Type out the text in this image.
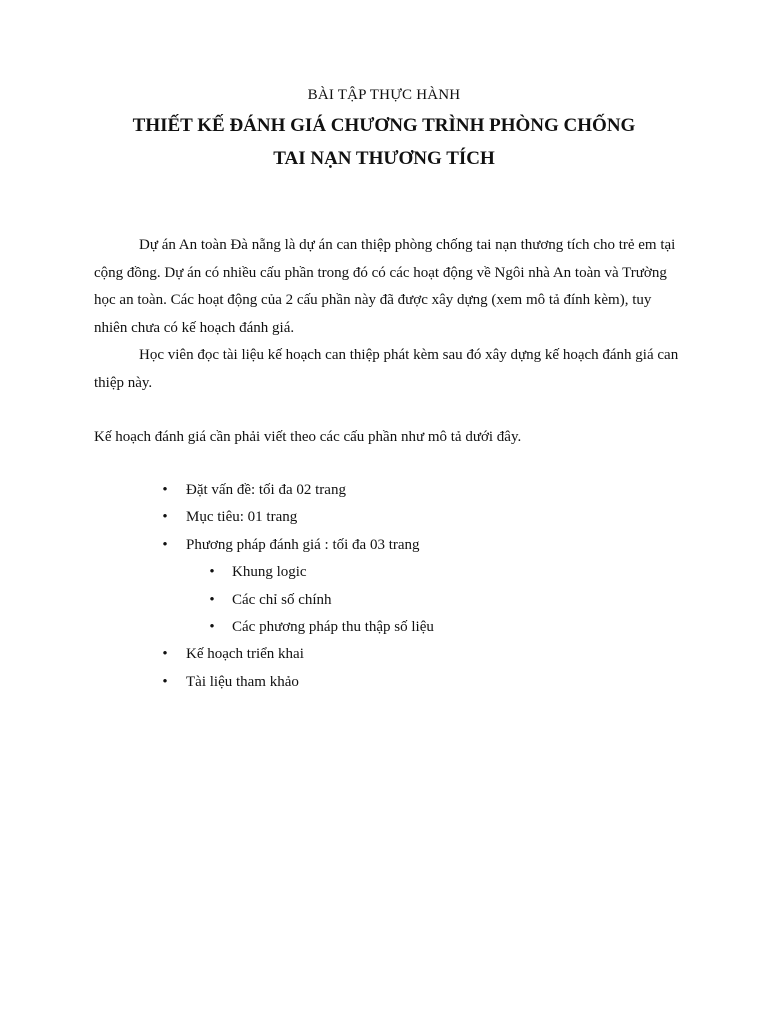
BÀI TẬP THỰC HÀNH
THIẾT KẾ ĐÁNH GIÁ CHƯƠNG TRÌNH PHÒNG CHỐNG
TAI NẠN THƯƠNG TÍCH
Dự án An toàn Đà nẵng là dự án can thiệp phòng chống tai nạn thương tích cho trẻ em tại cộng đồng. Dự án có nhiều cấu phần trong đó có các hoạt động về Ngôi nhà An toàn và Trường học an toàn. Các hoạt động của 2 cấu phần này đã được xây dựng (xem mô tả đính kèm), tuy nhiên chưa có kế hoạch đánh giá.
Học viên đọc tài liệu kế hoạch can thiệp phát kèm sau đó xây dựng kế hoạch đánh giá can thiệp này.
Kế hoạch đánh giá cần phải viết theo các cấu phần như mô tả dưới đây.
• Đặt vấn đề: tối đa 02 trang
• Mục tiêu: 01 trang
• Phương pháp đánh giá : tối đa 03 trang
• Khung logic
• Các chỉ số chính
• Các phương pháp thu thập số liệu
• Kế hoạch triển khai
• Tài liệu tham khảo
